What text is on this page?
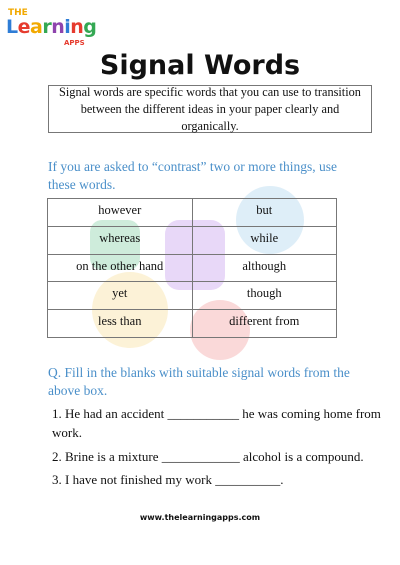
THE
Learning
APPS
Signal Words
Signal words are specific words that you can use to transition between the different ideas in your paper clearly and organically.
If you are asked to “contrast” two or more things, use these words.
however	but
whereas	while
on the other hand	although
yet	though
less than	different from
Q. Fill in the blanks with suitable signal words from the above box.
1. He had an accident ___________ he was coming home from work.
2. Brine is a mixture ____________ alcohol is a compound.
3. I have not finished my work __________.
www.thelearningapps.com
